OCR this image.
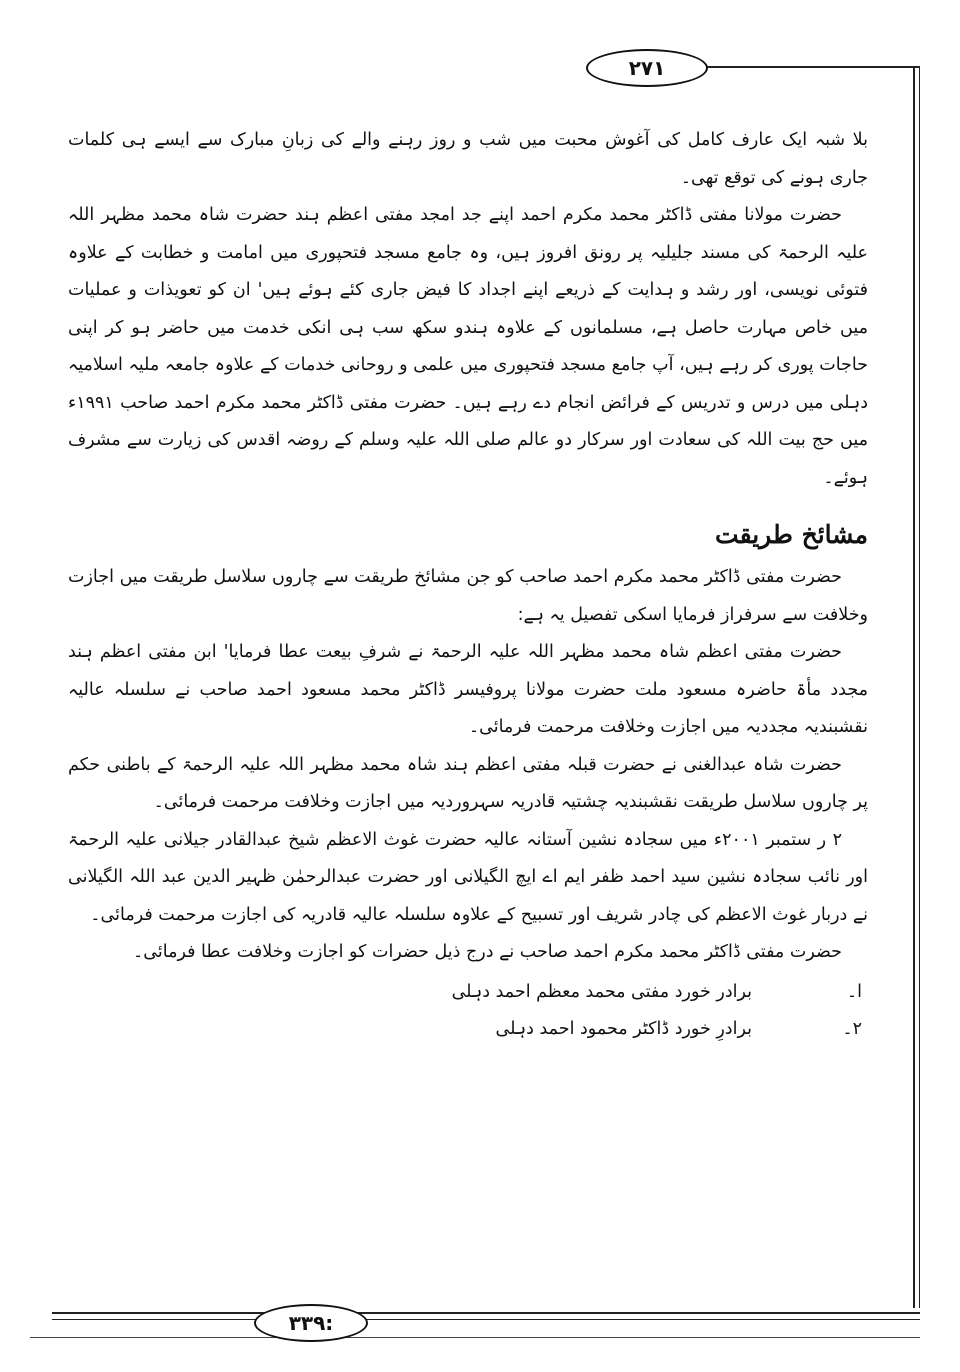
۲۷۱

بلا شبہ ایک عارف کامل کی آغوش محبت میں شب و روز رہنے والے کی زبانِ مبارک سے ایسے ہی کلمات جاری ہونے کی توقع تھی۔

حضرت مولانا مفتی ڈاکٹر محمد مکرم احمد اپنے جد امجد مفتی اعظم ہند حضرت شاہ محمد مظہر اللہ علیہ الرحمۃ کی مسند جلیلیہ پر رونق افروز ہیں، وہ جامع مسجد فتحپوری میں امامت و خطابت کے علاوہ فتوئی نویسی، اور رشد و ہدایت کے ذریعے اپنے اجداد کا فیض جاری کئے ہوئے ہیں' ان کو تعویذات و عملیات میں خاص مہارت حاصل ہے، مسلمانوں کے علاوہ ہندو سکھ سب ہی انکی خدمت میں حاضر ہو کر اپنی حاجات پوری کر رہے ہیں، آپ جامع مسجد فتحپوری میں علمی و روحانی خدمات کے علاوہ جامعہ ملیہ اسلامیہ دہلی میں درس و تدریس کے فرائض انجام دے رہے ہیں۔ حضرت مفتی ڈاکٹر محمد مکرم احمد صاحب ۱۹۹۱ء میں حج بیت اللہ کی سعادت اور سرکار دو عالم صلی اللہ علیہ وسلم کے روضہ اقدس کی زیارت سے مشرف ہوئے۔

مشائخ طریقت

حضرت مفتی ڈاکٹر محمد مکرم احمد صاحب کو جن مشائخ طریقت سے چاروں سلاسل طریقت میں اجازت وخلافت سے سرفراز فرمایا اسکی تفصیل یہ ہے:

حضرت مفتی اعظم شاہ محمد مظہر اللہ علیہ الرحمۃ نے شرفِ بیعت عطا فرمایا' ابن مفتی اعظم ہند مجدد مأۃ حاضرہ مسعود ملت حضرت مولانا پروفیسر ڈاکٹر محمد مسعود احمد صاحب نے سلسلہ عالیہ نقشبندیہ مجددیہ میں اجازت وخلافت مرحمت فرمائی۔

حضرت شاہ عبدالغنی نے حضرت قبلہ مفتی اعظم ہند شاہ محمد مظہر اللہ علیہ الرحمۃ کے باطنی حکم پر چاروں سلاسل طریقت نقشبندیہ چشتیہ قادریہ سہروردیہ میں اجازت وخلافت مرحمت فرمائی۔

۲ ر ستمبر ۲۰۰۱ء میں سجادہ نشین آستانہ عالیہ حضرت غوث الاعظم شیخ عبدالقادر جیلانی علیہ الرحمۃ اور نائب سجادہ نشین سید احمد ظفر ایم اے ایچ الگیلانی اور حضرت عبدالرحمٰن ظہیر الدین عبد اللہ الگیلانی نے دربار غوث الاعظم کی چادر شریف اور تسبیح کے علاوہ سلسلہ عالیہ قادریہ کی اجازت مرحمت فرمائی۔

حضرت مفتی ڈاکٹر محمد مکرم احمد صاحب نے درج ذیل حضرات کو اجازت وخلافت عطا فرمائی۔

ا۔
برادر خورد مفتی محمد معظم احمد دہلی
۲۔
برادرِ خورد ڈاکٹر محمود احمد دہلی
۳۳۹:
